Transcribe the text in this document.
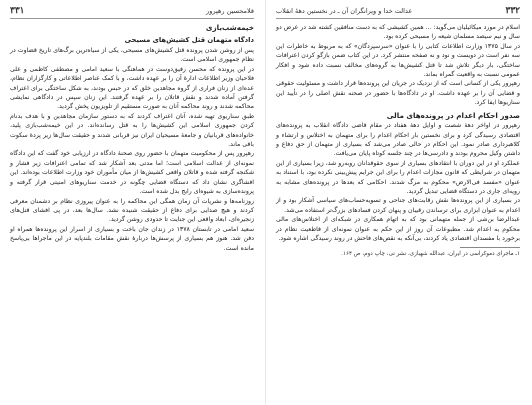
قلامحسین رهپرور
۳۳۱
خیمه‌شب‌بازی
دادگاه متهمان قتل کشیش‌های مسیحی

پس از روشن شدن پرونده قتل کشیش‌های مسیحی، یکی از سیاه‌ترین برگ‌های تاریخ قضاوت در نظام جمهوری اسلامی است.

در این پرونده که محسن رفیق‌دوست در هماهنگی با سعید امامی و مصطفی کاظمی و علی فلاحیان وزیر اطلاعات ادارهٔ آن را بر عهده داشت، و با کمک عناصر اطلاعاتی و کارگزاران نظام، عده‌ای از زنان فراری از گروه مجاهدین خلق که در حبس بودند، به شکل ساختگی برای اعتراف گرفتن آماده شدند و نقش قاتلان را بر عهده گرفتند. این زنان سپس در دادگاهی نمایشی محاکمه شدند و روند محاکمه آنان به صورت مستقیم از تلویزیون پخش گردید.

طبق سناریوی تهیه شده، آنان اعتراف کردند که به دستور سازمان مجاهدین و با هدف بدنام کردن جمهوری اسلامی این کشیش‌ها را به قتل رسانده‌اند. در این خیمه‌شب‌بازی پلید، خانواده‌های قربانیان و جامعهٔ مسیحیان ایران نیز قربانی شدند و حقیقت سال‌ها زیر پردهٔ سکوت باقی ماند.

رهپرور پس از محکومیت متهمان با حضور روی صحنهٔ دادگاه در ارزیابی خود گفت که این دادگاه نمونه‌ای از عدالت اسلامی است؛ اما مدتی بعد آشکار شد که تمامی اعترافات زیر فشار و شکنجه گرفته شده و قاتلان واقعی کشیش‌ها از میان مأموران خود وزارت اطلاعات بوده‌اند. این افشاگری نشان داد که دستگاه قضایی چگونه در خدمت سناریوهای امنیتی قرار گرفته و پرونده‌سازی به شیوه‌ای رایج بدل شده است.

روزنامه‌ها و نشریات آن زمان همگی این محاکمه را به عنوان پیروزی نظام بر دشمنان معرفی کردند و هیچ صدایی برای دفاع از حقیقت شنیده نشد. سال‌ها بعد، در پی افشای قتل‌های زنجیره‌ای، ابعاد واقعی این جنایت تا حدودی روشن گردید.

سعید امامی در تابستان ۱۳۷۸ در زندان جان باخت و بسیاری از اسرار این پرونده‌ها همراه او دفن شد. هنوز هم بسیاری از پرسش‌ها دربارهٔ نقش مقامات بلندپایه در این ماجراها بی‌پاسخ مانده است.

۳۳۲
عدالت خدا و ویرانگران آن ـ در نخستین دههٔ انقلاب

اسلام در مورد میکائیلیان می‌گوید: ... همین کشیشی که به دست منافقین کشته شد در عرض دو سال و نیم سیصد مسلمان شیعه را مسیحی کرده بود.

در سال ۱۳۷۵ وزارت اطلاعات کتابی را با عنوان «سرسپردگان» که به مربوط به خاطرات این سه نفر است در دویست و نود و نه صفحه منتشر کرد. در این کتاب ضمن بازگو کردن اعترافات ساختگی، بار دیگر تلاش شد تا قتل کشیش‌ها به گروه‌های مخالف نسبت داده شود و افکار عمومی نسبت به واقعیت گمراه بماند.

رهپرور یکی از کسانی است که از نزدیک در جریان این پرونده‌ها قرار داشت و مسئولیت حقوقی و قضایی آن را بر عهده داشت. او در دادگاه‌ها با حضور در صحنه نقش اصلی را در تأیید این سناریوها ایفا کرد.

صدور احکام اعدام در پرونده‌های مالی

رهپرور در اواخر دههٔ شصت و اوایل دههٔ هفتاد در مقام قاضی دادگاه انقلاب به پرونده‌های اقتصادی رسیدگی کرد و برای نخستین بار احکام اعدام را برای متهمان به اختلاس و ارتشاء و کلاهبرداری صادر نمود. این احکام در حالی صادر می‌شد که بسیاری از متهمان از حق دفاع و داشتن وکیل محروم بودند و دادرسی‌ها در چند جلسه کوتاه پایان می‌یافت.

عملکرد او در این دوران با انتقادهای بسیاری از سوی حقوقدانان روبه‌رو شد، زیرا بسیاری از این متهمان در شرایطی که قانون مجازات اعدام را برای این جرایم پیش‌بینی نکرده بود، با استناد به عنوان «مفسد فی‌الارض» محکوم به مرگ شدند. احکامی که بعدها در پرونده‌های مشابه به رویه‌ای جاری در دستگاه قضایی تبدیل گردید.

در بسیاری از این پرونده‌ها نقش رقابت‌های جناحی و تسویه‌حساب‌های سیاسی آشکار بود و از اعدام به عنوان ابزاری برای ترساندن رقیبان و پنهان کردن فسادهای بزرگ‌تر استفاده می‌شد.

عبدالرضا بن‌شی از جمله متهمانی بود که به اتهام همکاری در شبکه‌ای از اختلاس‌های مالی محکوم به اعدام شد. مطبوعات آن روز از این حکم به عنوان نمونه‌ای از قاطعیت نظام در برخورد با مفسدان اقتصادی یاد کردند، بی‌آنکه به نقص‌های فاحش در روند رسیدگی اشاره شود.

۱ـ ماجرای دموکراسی در ایران، عبدالله شهبازی، نشر نی، چاپ دوم، ص ۱۶۴.
